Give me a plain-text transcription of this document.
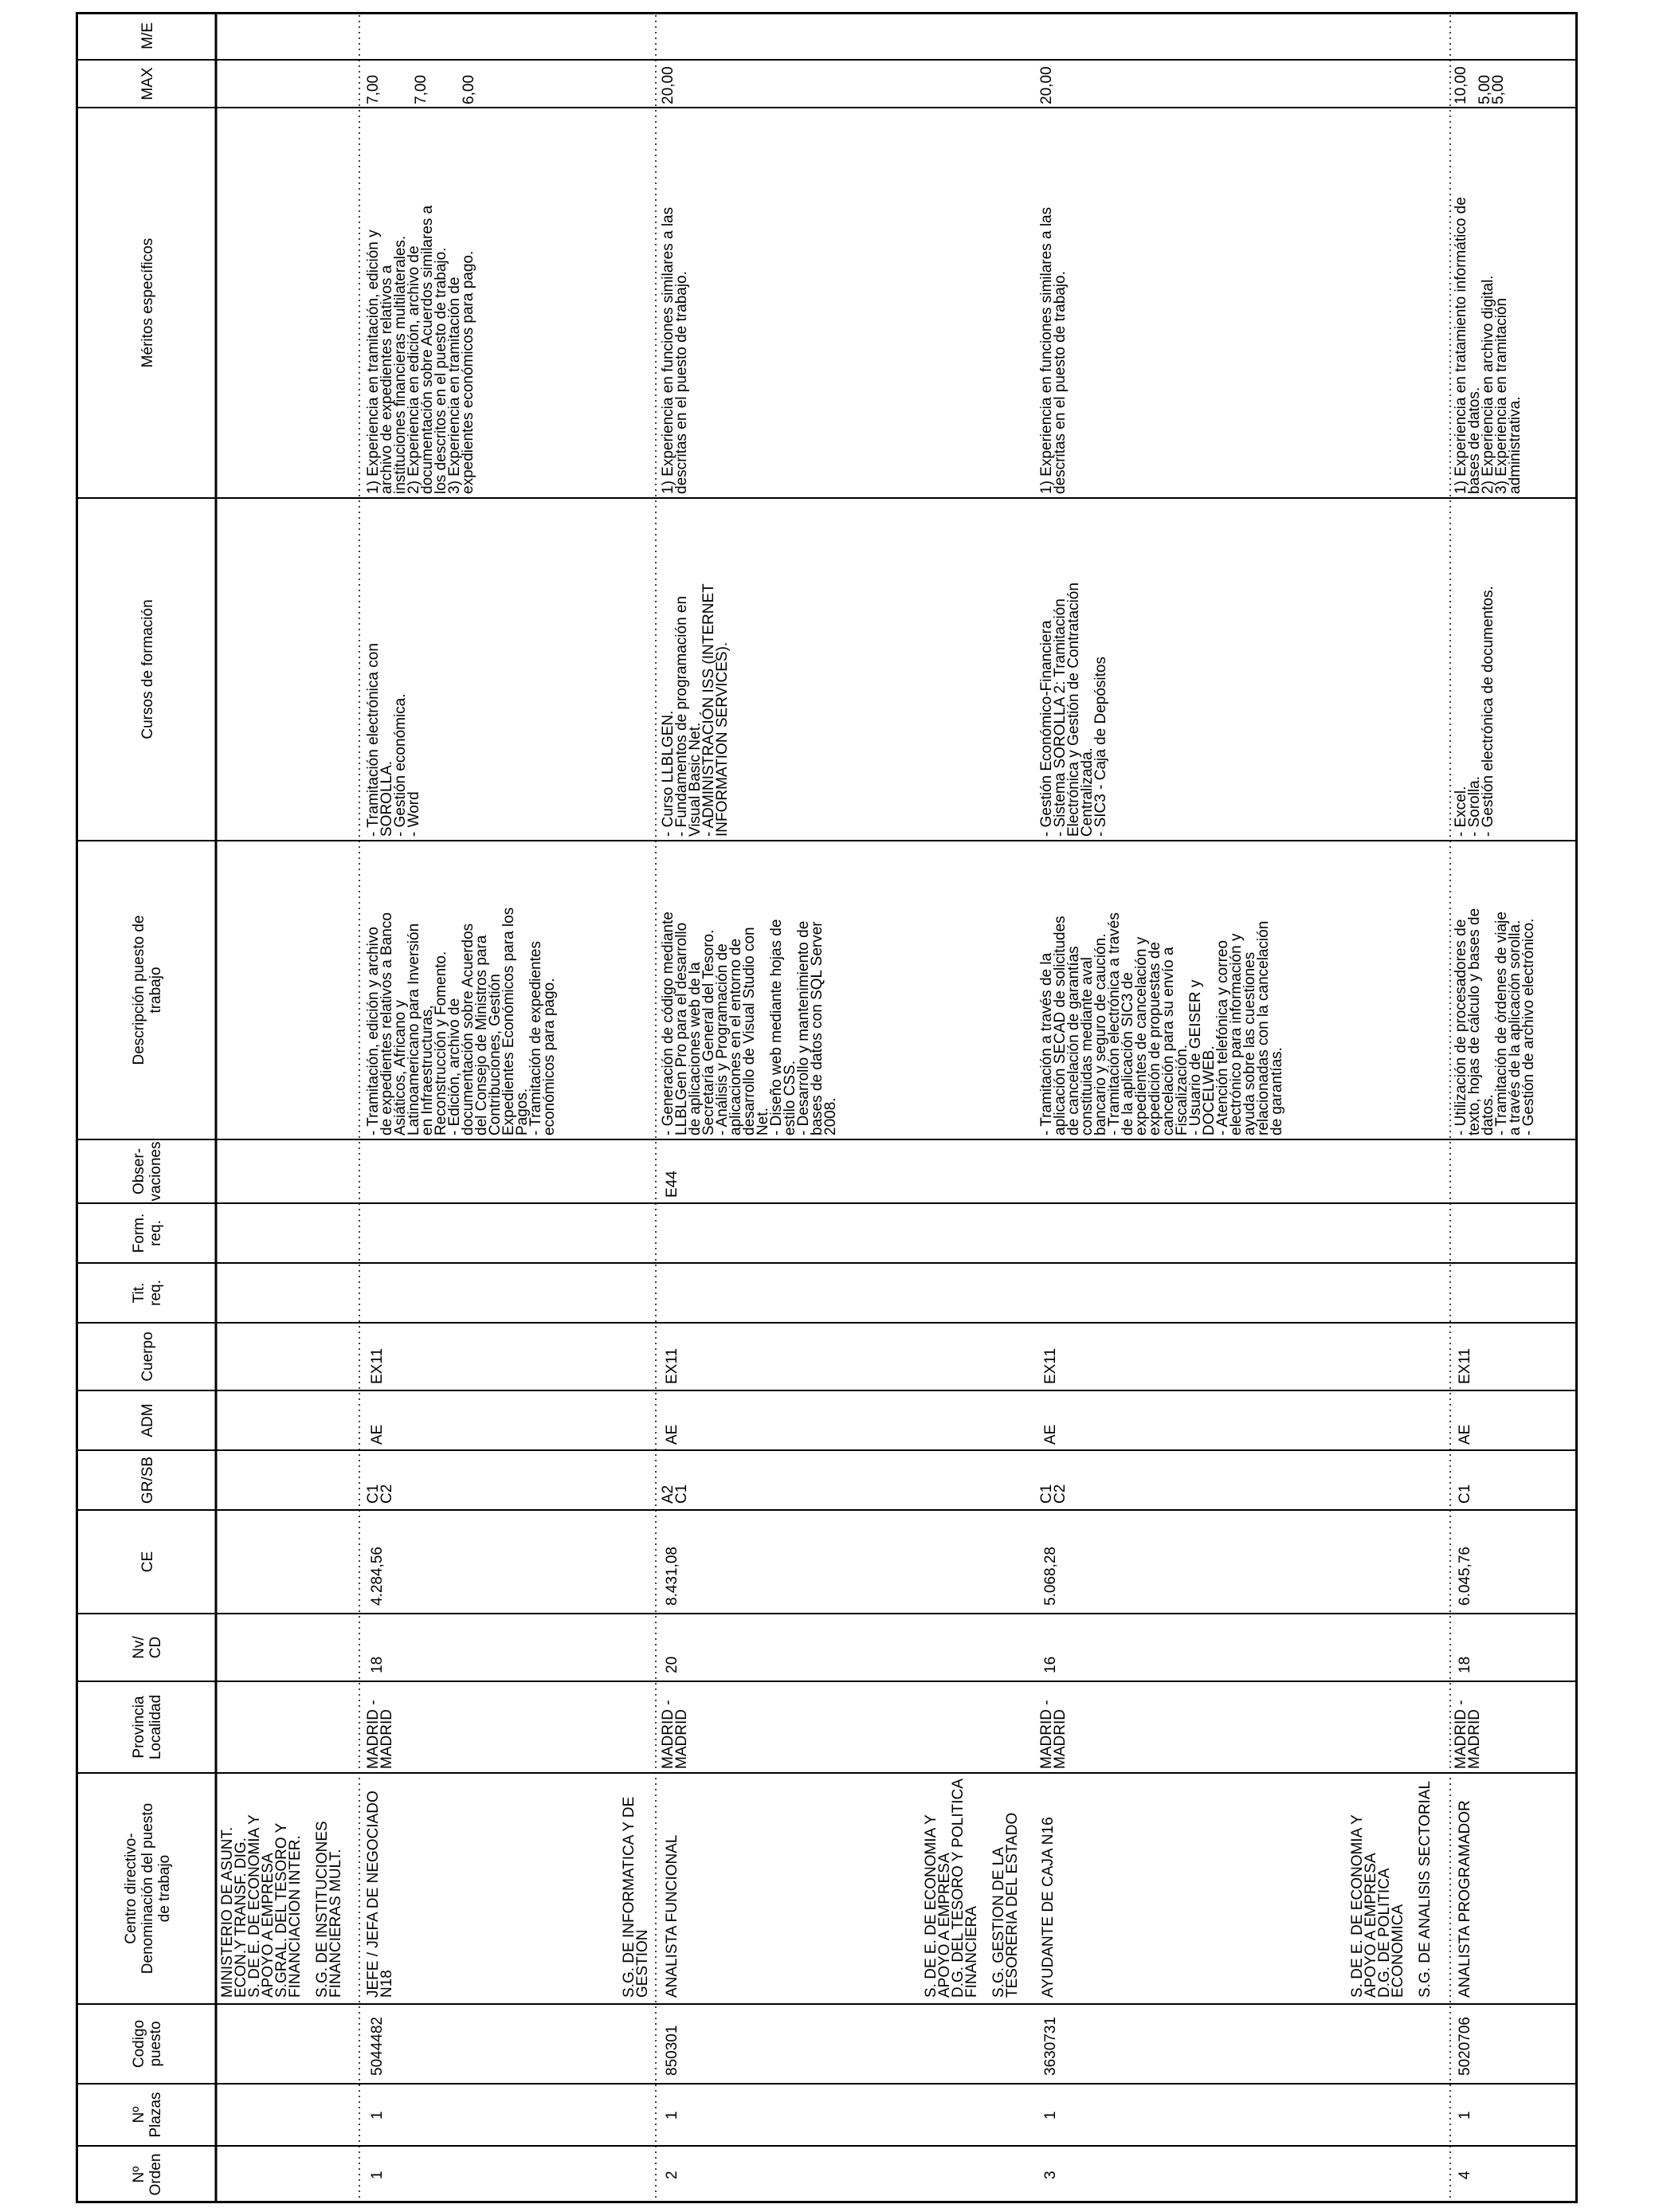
Nº
Orden
Nº
Plazas
Codigo
puesto
Centro directivo-
Denominación del puesto
de trabajo
Provincia
Localidad
Nv/
CD
CE
GR/SB
ADM
Cuerpo
Tit.
req.
Form.
req.
Obser-
vaciones
Descripción puesto de
trabajo
Cursos de formación
Méritos específicos
MAX
M/E
MINISTERIO DE ASUNT.
ECON.Y TRANSF. DIG.
S. DE E. DE ECONOMIA Y
APOYO A EMPRESA
S.GRAL. DEL TESORO Y
FINANCIACION INTER.

S.G. DE INSTITUCIONES
FINANCIERAS MULT.
1
1
5044482
JEFE / JEFA DE NEGOCIADO
N18
MADRID -
MADRID
18
4.284,56
C1
C2
AE
EX11
- Tramitación, edición y archivo
de expedientes relativos a Banco
Asiáticos, Africano y
Latinoamericano para Inversión
en Infraestructuras,
Reconstrucción y Fomento.
- Edición, archivo de
documentación sobre Acuerdos
del Consejo de Ministros para
Contribuciones, Gestión
Expedientes Económicos para los
Pagos.
- Tramitación de expedientes
económicos para pago.
- Tramitación electrónica con
SOROLLA.
- Gestión económica.
- Word
1) Experiencia en tramitación, edición y
archivo de expedientes relativos a
instituciones financieras multilaterales.
2) Experiencia en edición, archivo de
documentación sobre Acuerdos similares a
los descritos en el puesto de trabajo.
3) Experiencia en tramitación de
expedientes económicos para pago.
7,00 7,00 6,00
S.G. DE INFORMATICA Y DE
GESTION
2
1
850301
ANALISTA FUNCIONAL
MADRID -
MADRID
20
8.431,08
A2
C1
AE
EX11
E44
- Generación de código mediante
LLBLGen Pro para el desarrollo
de aplicaciones web de la
Secretaría General del Tesoro.
- Análisis y Programación de
aplicaciones en el entorno de
desarrollo de Visual Studio con
Net.
- Diseño web mediante hojas de
estilo CSS.
- Desarrollo y mantenimiento de
bases de datos con SQL Server
2008.
- Curso LLBLGEN.
- Fundamentos de programación en
Visual Basic Net.
- ADMINISTRACIÓN ISS (INTERNET
INFORMATION SERVICES).
1) Experiencia en funciones similares a las
descritas en el puesto de trabajo.
20,00
S. DE E. DE ECONOMIA Y
APOYO A EMPRESA
D.G. DEL TESORO Y POLITICA
FINANCIERA

S.G. GESTION DE LA
TESORERIA DEL ESTADO
3
1
3630731
AYUDANTE DE CAJA N16
MADRID -
MADRID
16
5.068,28
C1
C2
AE
EX11
- Tramitación a través de la
aplicación SECAD de solicitudes
de cancelación de garantías
constituidas mediante aval
bancario y seguro de caución.
- Tramitación electrónica a través
de la aplicación SIC3 de
expedientes de cancelación y
expedición de propuestas de
cancelación para su envío a
Fiscalización.
- Usuario de GEISER y
DOCELWEB.
- Atención telefónica y correo
electrónico para información y
ayuda sobre las cuestiones
relacionadas con la cancelación
de garantías.
- Gestión Económico-Financiera
- Sistema SOROLLA 2: Tramitación
Electrónica y Gestión de Contratación
Centralizada.
- SIC3 - Caja de Depósitos
1) Experiencia en funciones similares a las
descritas en el puesto de trabajo.
20,00
S. DE E. DE ECONOMIA Y
APOYO A EMPRESA
D.G. DE POLITICA
ECONOMICA

S.G. DE ANALISIS SECTORIAL
4
1
5020706
ANALISTA PROGRAMADOR
MADRID -
MADRID
18
6.045,76
C1
AE
EX11
- Utilización de procesadores de
texto, hojas de cálculo y bases de
datos.
- Tramitación de órdenes de viaje
a través de la aplicación sorolla.
- Gestión de archivo electrónico.
- Excel.
- Sorolla.
- Gestión electrónica de documentos.
1) Experiencia en tratamiento informático de
bases de datos.
2) Experiencia en archivo digital.
3) Experiencia en tramitación
administrativa.
10,00 5,00
5,00
